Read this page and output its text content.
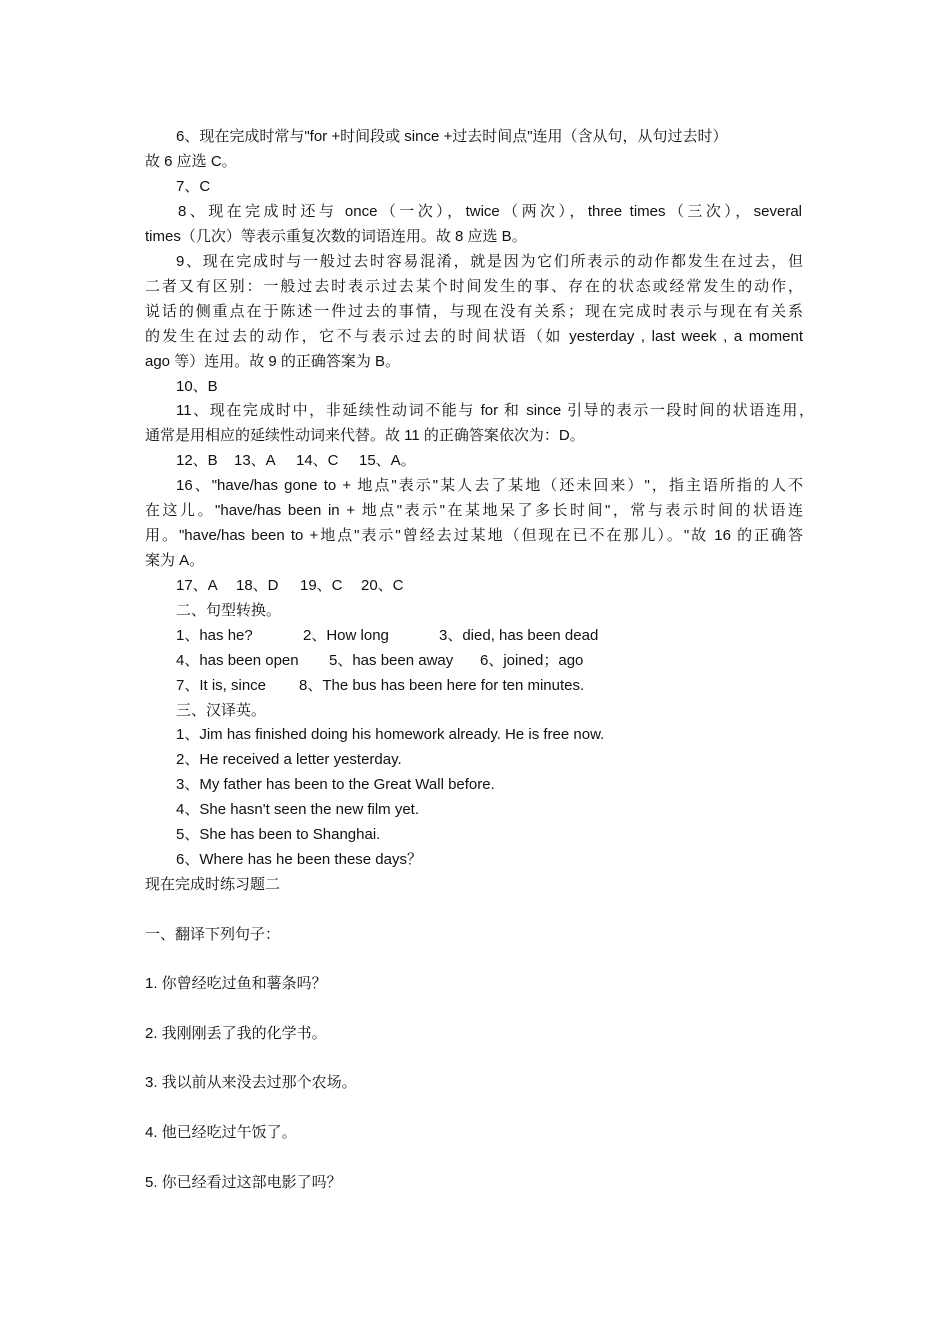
6、现在完成时常与"for +时间段或 since +过去时间点"连用（含从句，从句过去时）
故 6 应选 C。
7、C
8、现在完成时还与 once（一次），twice（两次），three times（三次），several
times（几次）等表示重复次数的词语连用。故 8 应选 B。
9、现在完成时与一般过去时容易混淆，就是因为它们所表示的动作都发生在过去，但
二者又有区别：一般过去时表示过去某个时间发生的事、存在的状态或经常发生的动作，
说话的侧重点在于陈述一件过去的事情，与现在没有关系；现在完成时表示与现在有关系
的发生在过去的动作，它不与表示过去的时间状语（如 yesterday , last week , a moment
ago 等）连用。故 9 的正确答案为 B。
10、B
11、现在完成时中，非延续性动词不能与 for 和 since 引导的表示一段时间的状语连用，
通常是用相应的延续性动词来代替。故 11 的正确答案依次为：D。
12、B	13、A	14、C	15、A。
16、"have/has gone to + 地点"表示"某人去了某地（还未回来）"，指主语所指的人不
在这儿。"have/has been in + 地点"表示"在某地呆了多长时间"，常与表示时间的状语连
用。"have/has been to +地点"表示"曾经去过某地（但现在已不在那儿）。"故 16 的正确答
案为 A。
17、A	18、D	19、C	20、C
二、句型转换。
1、has he?	2、How long	3、died, has been dead
4、has been open	5、has been away	6、joined；ago
7、It is, since	8、The bus has been here for ten minutes.
三、汉译英。
1、Jim has finished doing his homework already. He is free now.
2、He received a letter yesterday.
3、My father has been to the Great Wall before.
4、She hasn't seen the new film yet.
5、She has been to Shanghai.
6、Where has he been these days？
现在完成时练习题二
一、翻译下列句子：
1. 你曾经吃过鱼和薯条吗？
2. 我刚刚丢了我的化学书。
3. 我以前从来没去过那个农场。
4. 他已经吃过午饭了。
5. 你已经看过这部电影了吗？
